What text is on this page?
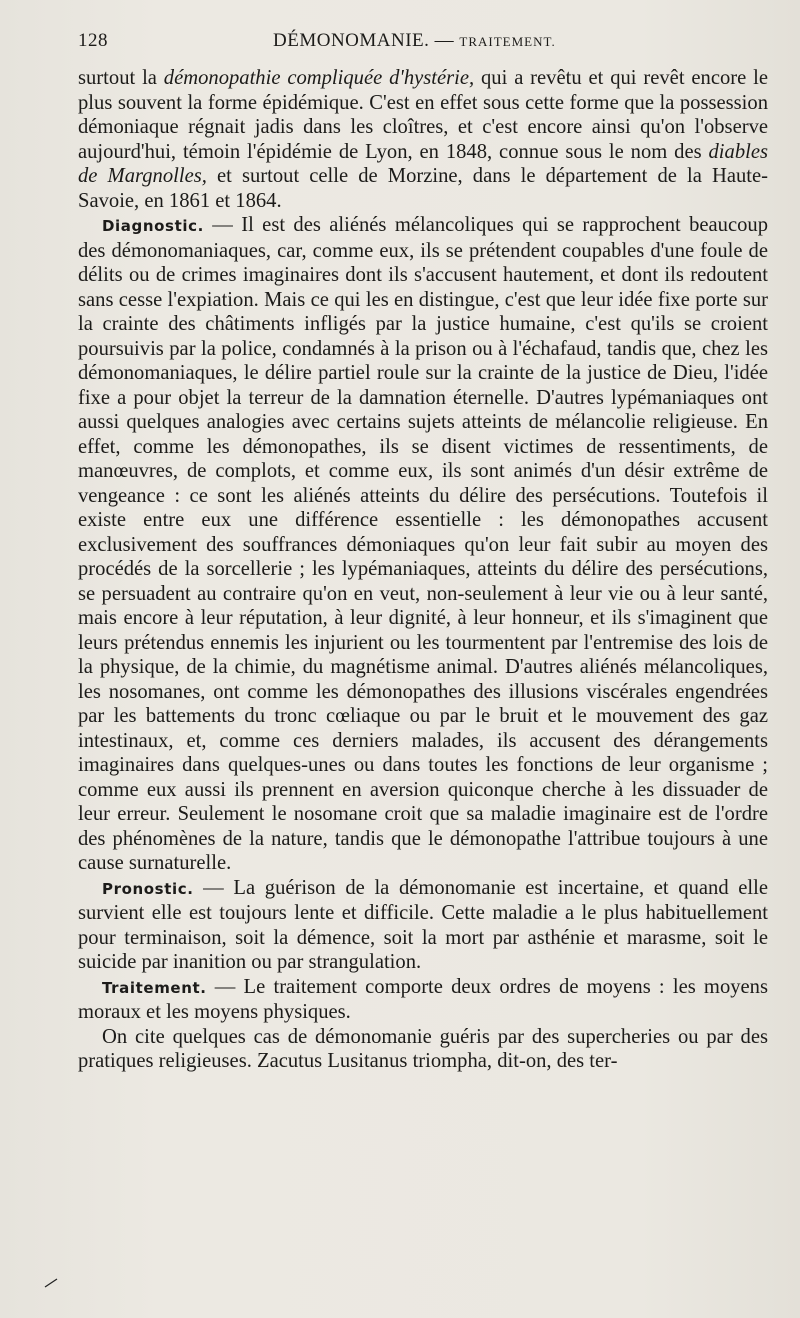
128	DÉMONOMANIE. — TRAITEMENT.

surtout la démonopathie compliquée d'hystérie, qui a revêtu et qui revêt encore le plus souvent la forme épidémique. C'est en effet sous cette forme que la possession démoniaque régnait jadis dans les cloîtres, et c'est encore ainsi qu'on l'observe aujourd'hui, témoin l'épidémie de Lyon, en 1848, connue sous le nom des diables de Margnolles, et surtout celle de Morzine, dans le département de la Haute-Savoie, en 1861 et 1864.

Diagnostic. — Il est des aliénés mélancoliques qui se rapprochent beaucoup des démonomaniaques, car, comme eux, ils se prétendent coupables d'une foule de délits ou de crimes imaginaires dont ils s'accusent hautement, et dont ils redoutent sans cesse l'expiation. Mais ce qui les en distingue, c'est que leur idée fixe porte sur la crainte des châtiments infligés par la justice humaine, c'est qu'ils se croient poursuivis par la police, condamnés à la prison ou à l'échafaud, tandis que, chez les démonomaniaques, le délire partiel roule sur la crainte de la justice de Dieu, l'idée fixe a pour objet la terreur de la damnation éternelle. D'autres lypémaniaques ont aussi quelques analogies avec certains sujets atteints de mélancolie religieuse. En effet, comme les démonopathes, ils se disent victimes de ressentiments, de manœuvres, de complots, et comme eux, ils sont animés d'un désir extrême de vengeance : ce sont les aliénés atteints du délire des persécutions. Toutefois il existe entre eux une différence essentielle : les démonopathes accusent exclusivement des souffrances démoniaques qu'on leur fait subir au moyen des procédés de la sorcellerie ; les lypémaniaques, atteints du délire des persécutions, se persuadent au contraire qu'on en veut, non-seulement à leur vie ou à leur santé, mais encore à leur réputation, à leur dignité, à leur honneur, et ils s'imaginent que leurs prétendus ennemis les injurient ou les tourmentent par l'entremise des lois de la physique, de la chimie, du magnétisme animal. D'autres aliénés mélancoliques, les nosomanes, ont comme les démonopathes des illusions viscérales engendrées par les battements du tronc cœliaque ou par le bruit et le mouvement des gaz intestinaux, et, comme ces derniers malades, ils accusent des dérangements imaginaires dans quelques-unes ou dans toutes les fonctions de leur organisme ; comme eux aussi ils prennent en aversion quiconque cherche à les dissuader de leur erreur. Seulement le nosomane croit que sa maladie imaginaire est de l'ordre des phénomènes de la nature, tandis que le démonopathe l'attribue toujours à une cause surnaturelle.

Pronostic. — La guérison de la démonomanie est incertaine, et quand elle survient elle est toujours lente et difficile. Cette maladie a le plus habituellement pour terminaison, soit la démence, soit la mort par asthénie et marasme, soit le suicide par inanition ou par strangulation.

Traitement. — Le traitement comporte deux ordres de moyens : les moyens moraux et les moyens physiques.

On cite quelques cas de démonomanie guéris par des supercheries ou par des pratiques religieuses. Zacutus Lusitanus triompha, dit-on, des ter-
